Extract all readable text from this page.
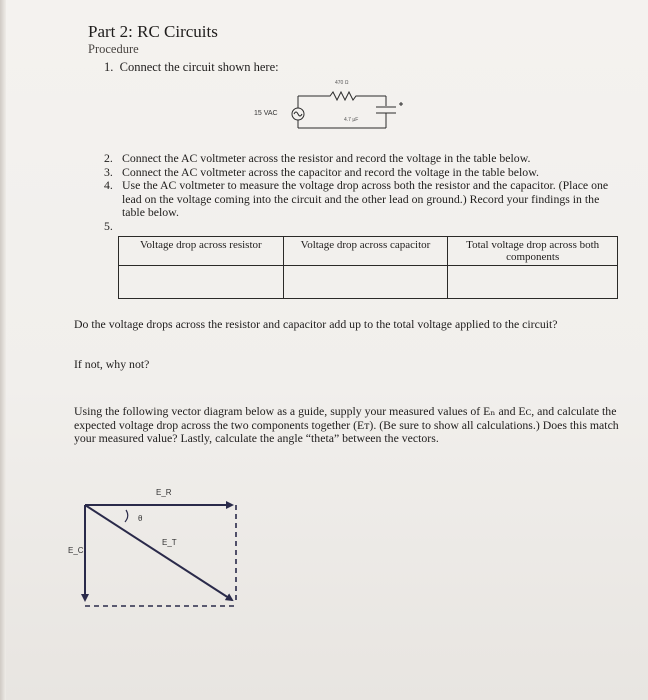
Part 2: RC Circuits
Procedure
1. Connect the circuit shown here:
15 VAC
470 Ω
4.7 µF
2. Connect the AC voltmeter across the resistor and record the voltage in the table below.
3. Connect the AC voltmeter across the capacitor and record the voltage in the table below.
4. Use the AC voltmeter to measure the voltage drop across both the resistor and the capacitor. (Place one lead on the voltage coming into the circuit and the other lead on ground.) Record your findings in the table below.
5.

Voltage drop across resistor	Voltage drop across capacitor	Total voltage drop across both components

Do the voltage drops across the resistor and capacitor add up to the total voltage applied to the circuit?
If not, why not?
Using the following vector diagram below as a guide, supply your measured values of Eₙ and Eᴄ, and calculate the expected voltage drop across the two components together (Eᴛ). (Be sure to show all calculations.) Does this match your measured value? Lastly, calculate the angle “theta” between the vectors.
E_R
θ
E_T
E_C
